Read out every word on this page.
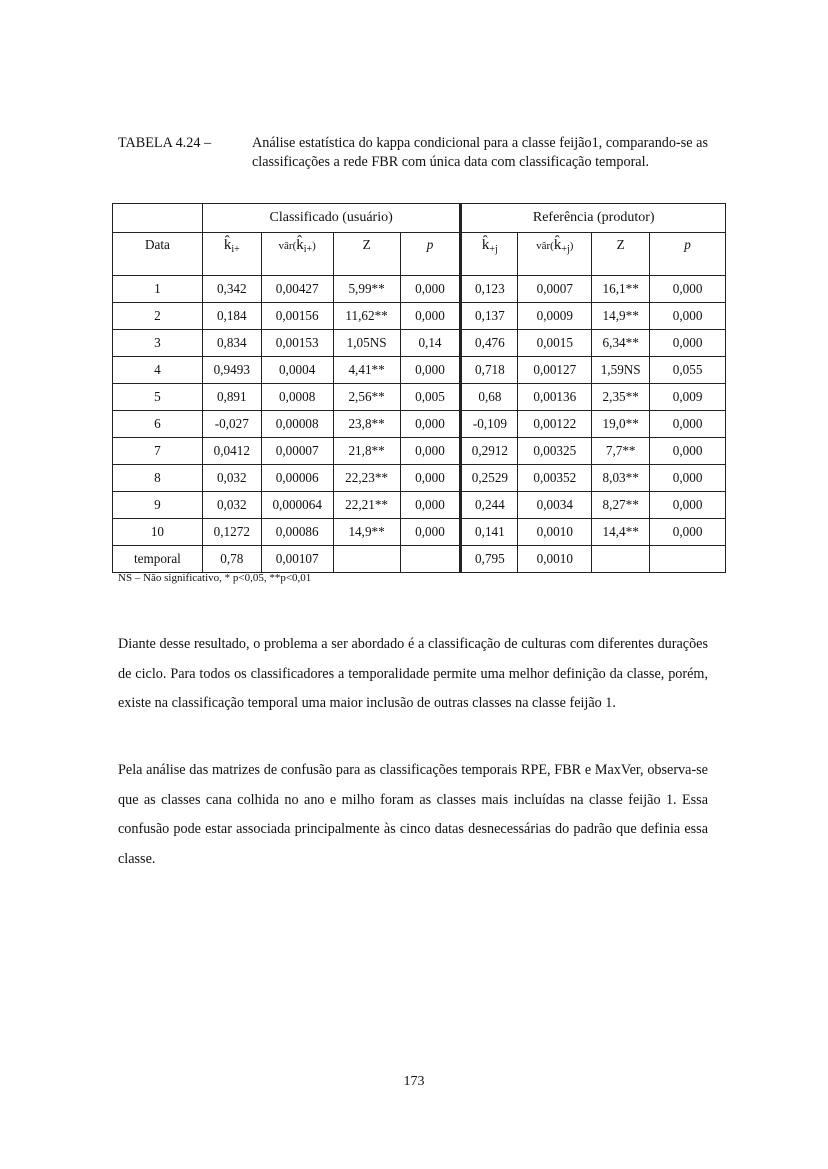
TABELA 4.24 –	Análise estatística do kappa condicional para a classe feijão1, comparando-se as classificações a rede FBR com única data com classificação temporal.
	Classificado (usuário)				Referência (produtor)			
Data	$k̂_{i+}$	$vâr(k̂_{i+})$	Z	p	$k̂_{+j}$	$vâr(k̂_{+j})$	Z	p
1	0,342	0,00427	5,99**	0,000	0,123	0,0007	16,1**	0,000
2	0,184	0,00156	11,62**	0,000	0,137	0,0009	14,9**	0,000
3	0,834	0,00153	1,05NS	0,14	0,476	0,0015	6,34**	0,000
4	0,9493	0,0004	4,41**	0,000	0,718	0,00127	1,59NS	0,055
5	0,891	0,0008	2,56**	0,005	0,68	0,00136	2,35**	0,009
6	-0,027	0,00008	23,8**	0,000	-0,109	0,00122	19,0**	0,000
7	0,0412	0,00007	21,8**	0,000	0,2912	0,00325	7,7**	0,000
8	0,032	0,00006	22,23**	0,000	0,2529	0,00352	8,03**	0,000
9	0,032	0,000064	22,21**	0,000	0,244	0,0034	8,27**	0,000
10	0,1272	0,00086	14,9**	0,000	0,141	0,0010	14,4**	0,000
temporal	0,78	0,00107			0,795	0,0010		
NS – Não significativo, * p<0,05, **p<0,01

Diante desse resultado, o problema a ser abordado é a classificação de culturas com diferentes durações de ciclo. Para todos os classificadores a temporalidade permite uma melhor definição da classe, porém, existe na classificação temporal uma maior inclusão de outras classes na classe feijão 1.

Pela análise das matrizes de confusão para as classificações temporais RPE, FBR e MaxVer, observa-se que as classes cana colhida no ano e milho foram as classes mais incluídas na classe feijão 1. Essa confusão pode estar associada principalmente às cinco datas desnecessárias do padrão que definia essa classe.

173
